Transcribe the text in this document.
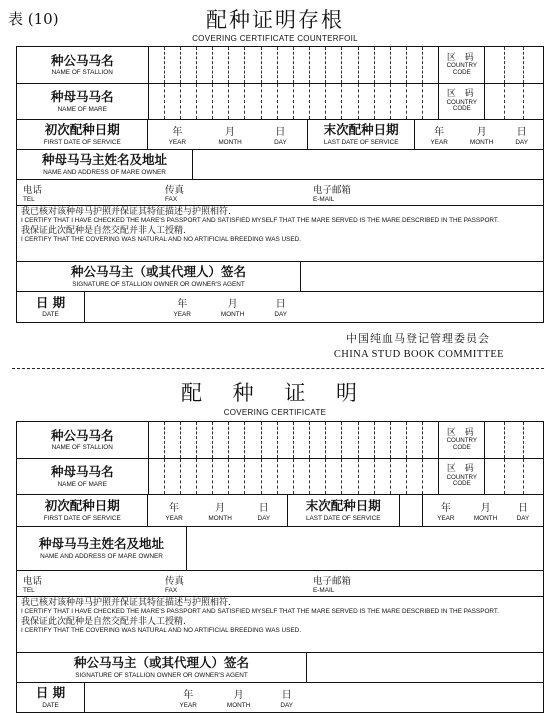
表 (10)	配种证明存根
COVERING CERTIFICATE COUNTERFOIL
种公马马名
NAME OF STALLION
区 码
COUNTRY
CODE
种母马马名
NAME OF MARE
区 码
COUNTRY
CODE
初次配种日期
FIRST DATE OF SERVICE
年
YEAR
月
MONTH
日
DAY
末次配种日期
LAST DATE OF SERVICE
年
YEAR
月
MONTH
日
DAY
种母马马主姓名及地址
NAME AND ADDRESS OF MARE OWNER
电话
TEL
传真
FAX
电子邮箱
E-MAIL
我已核对该种母马护照并保证其特征描述与护照相符.
I CERTIFY THAT I HAVE CHECKED THE MARE'S PASSPORT AND SATISFIED MYSELF THAT THE MARE SERVED IS THE MARE DESCRIBED IN THE PASSPORT.
我保证此次配种是自然交配并非人工授精.
I CERTIFY THAT THE COVERING WAS NATURAL AND NO ARTIFICIAL BREEDING WAS USED.
种公马马主（或其代理人）签名
SIGNATURE OF STALLION OWNER OR OWNER'S AGENT
日 期
DATE
年
YEAR
月
MONTH
日
DAY
中国纯血马登记管理委员会
CHINA STUD BOOK COMMITTEE
配 种 证 明
COVERING CERTIFICATE
种公马马名
NAME OF STALLION
区 码
COUNTRY
CODE
种母马马名
NAME OF MARE
区 码
COUNTRY
CODE
初次配种日期
FIRST DATE OF SERVICE
年
YEAR
月
MONTH
日
DAY
末次配种日期
LAST DATE OF SERVICE
年
YEAR
月
MONTH
日
DAY
种母马马主姓名及地址
NAME AND ADDRESS OF MARE OWNER
电话
TEL
传真
FAX
电子邮箱
E-MAIL
我已核对该种母马护照并保证其特征描述与护照相符.
I CERTIFY THAT I HAVE CHECKED THE MARE'S PASSPORT AND SATISFIED MYSELF THAT THE MARE SERVED IS THE MARE DESCRIBED IN THE PASSPORT.
我保证此次配种是自然交配并非人工授精.
I CERTIFY THAT THE COVERING WAS NATURAL AND NO ARTIFICIAL BREEDING WAS USED.
种公马马主（或其代理人）签名
SIGNATURE OF STALLION OWNER OR OWNER'S AGENT
日 期
DATE
年
YEAR
月
MONTH
日
DAY
